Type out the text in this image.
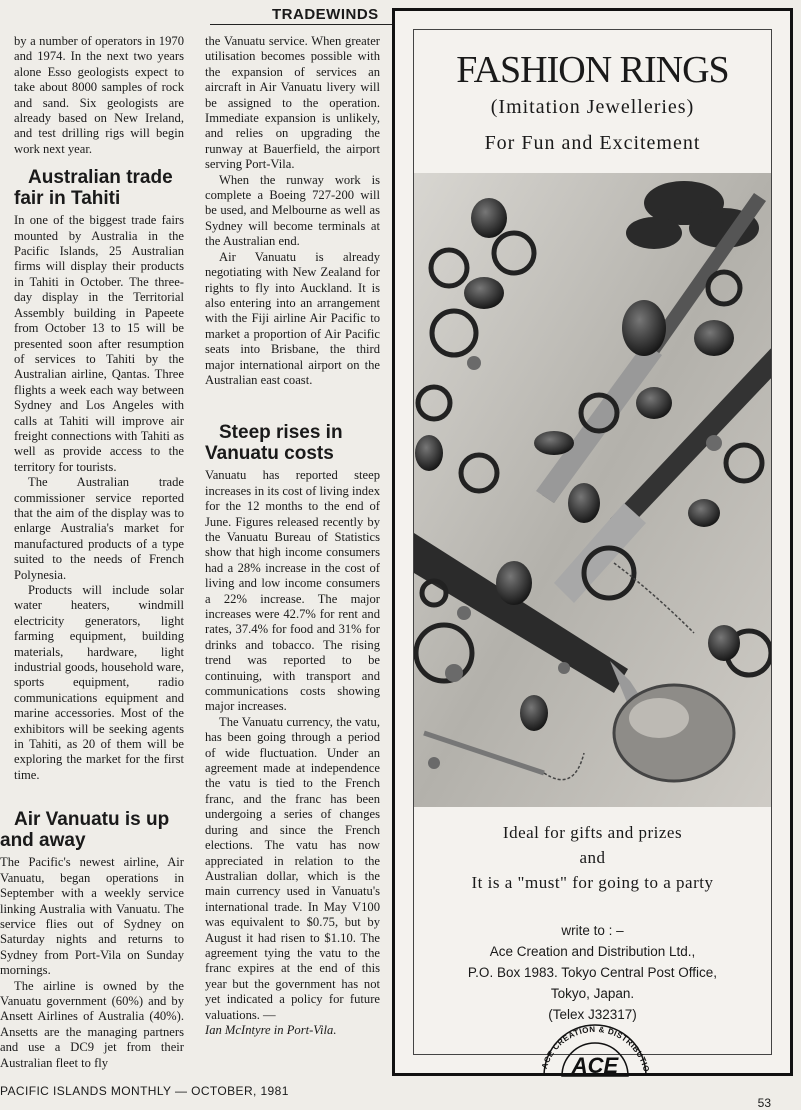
TRADEWINDS

by a number of operators in 1970 and 1974. In the next two years alone Esso geologists expect to take about 8000 samples of rock and sand. Six geologists are already based on New Ireland, and test drilling rigs will begin work next year.

Australian trade fair in Tahiti

In one of the biggest trade fairs mounted by Australia in the Pacific Islands, 25 Australian firms will display their products in Tahiti in October. The three-day display in the Territorial Assembly building in Papeete from October 13 to 15 will be presented soon after resumption of services to Tahiti by the Australian airline, Qantas. Three flights a week each way between Sydney and Los Angeles with calls at Tahiti will improve air freight connections with Tahiti as well as provide access to the territory for tourists.

The Australian trade commissioner service reported that the aim of the display was to enlarge Australia's market for manufactured products of a type suited to the needs of French Polynesia.

Products will include solar water heaters, windmill electricity generators, light farming equipment, building materials, hardware, light industrial goods, household ware, sports equipment, radio communications equipment and marine accessories. Most of the exhibitors will be seeking agents in Tahiti, as 20 of them will be exploring the market for the first time.

Air Vanuatu is up and away

The Pacific's newest airline, Air Vanuatu, began operations in September with a weekly service linking Australia with Vanuatu. The service flies out of Sydney on Saturday nights and returns to Sydney from Port-Vila on Sunday mornings.

The airline is owned by the Vanuatu government (60%) and by Ansett Airlines of Australia (40%). Ansetts are the managing partners and use a DC9 jet from their Australian fleet to fly

the Vanuatu service. When greater utilisation becomes possible with the expansion of services an aircraft in Air Vanuatu livery will be assigned to the operation. Immediate expansion is unlikely, and relies on upgrading the runway at Bauerfield, the airport serving Port-Vila.

When the runway work is complete a Boeing 727-200 will be used, and Melbourne as well as Sydney will become terminals at the Australian end.

Air Vanuatu is already negotiating with New Zealand for rights to fly into Auckland. It is also entering into an arrangement with the Fiji airline Air Pacific to market a proportion of Air Pacific seats into Brisbane, the third major international airport on the Australian east coast.

Steep rises in Vanuatu costs

Vanuatu has reported steep increases in its cost of living index for the 12 months to the end of June. Figures released recently by the Vanuatu Bureau of Statistics show that high income consumers had a 28% increase in the cost of living and low income consumers a 22% increase. The major increases were 42.7% for rent and rates, 37.4% for food and 31% for drinks and tobacco. The rising trend was reported to be continuing, with transport and communications costs showing major increases.

The Vanuatu currency, the vatu, has been going through a period of wide fluctuation. Under an agreement made at independence the vatu is tied to the French franc, and the franc has been undergoing a series of changes during and since the French elections. The vatu has now appreciated in relation to the Australian dollar, which is the main currency used in Vanuatu's international trade. In May V100 was equivalent to $0.75, but by August it had risen to $1.10. The agreement tying the vatu to the franc expires at the end of this year but the government has not yet indicated a policy for future valuations. —

Ian McIntyre in Port-Vila.

FASHION RINGS
(Imitation Jewelleries)
For Fun and Excitement
Ideal for gifts and prizes
and
It is a "must" for going to a party
write to : –
Ace Creation and Distribution Ltd.,
P.O. Box 1983. Tokyo Central Post Office,
Tokyo, Japan.
(Telex J32317)
ACE CREATION & DISTRIBUTIO
ACE
PACIFIC ISLANDS MONTHLY — OCTOBER, 1981
53
